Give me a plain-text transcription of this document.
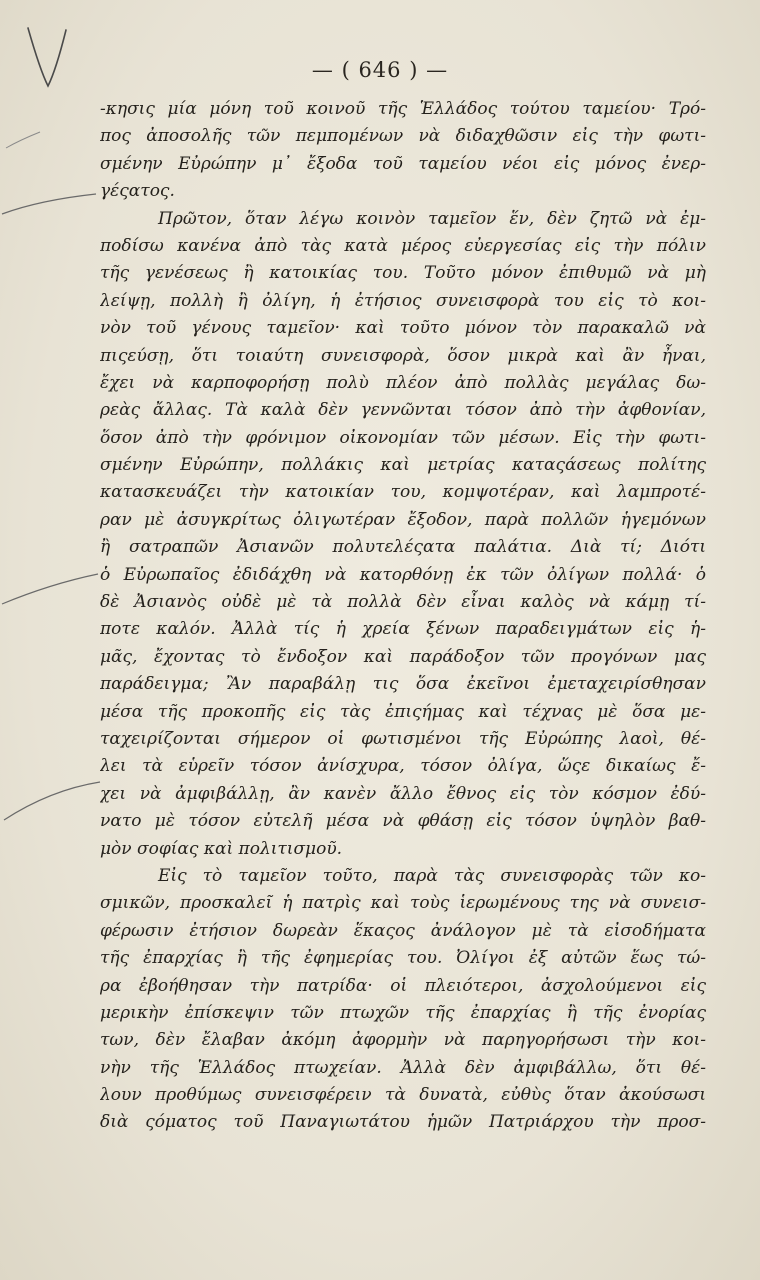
— ( 646 ) —
-κησις μία μόνη τοῦ κοινοῦ τῆς Ἑλλάδος τούτου ταμείου· Τρό-
πος ἀποσολῆς τῶν πεμπομένων νὰ διδαχθῶσιν εἰς τὴν φωτι-
σμένην Εὐρώπην μ᾽ ἔξοδα τοῦ ταμείου νέοι εἰς μόνος ἐνερ-
γέςατος.
Πρῶτον, ὅταν λέγω κοινὸν ταμεῖον ἕν, δὲν ζητῶ νὰ ἐμ-
ποδίσω κανένα ἀπὸ τὰς κατὰ μέρος εὐεργεσίας εἰς τὴν πόλιν
τῆς γενέσεως ἢ κατοικίας του. Τοῦτο μόνον ἐπιθυμῶ νὰ μὴ
λείψῃ, πολλὴ ἢ ὀλίγη, ἡ ἐτήσιος συνεισφορὰ του εἰς τὸ κοι-
νὸν τοῦ γένους ταμεῖον· καὶ τοῦτο μόνον τὸν παρακαλῶ νὰ
πιςεύσῃ, ὅτι τοιαύτη συνεισφορὰ, ὅσον μικρὰ καὶ ἂν ἦναι,
ἔχει νὰ καρποφορήσῃ πολὺ πλέον ἀπὸ πολλὰς μεγάλας δω-
ρεὰς ἄλλας. Τὰ καλὰ δὲν γεννῶνται τόσον ἀπὸ τὴν ἀφθονίαν,
ὅσον ἀπὸ τὴν φρόνιμον οἰκονομίαν τῶν μέσων. Εἰς τὴν φωτι-
σμένην Εὐρώπην, πολλάκις καὶ μετρίας καταςάσεως πολίτης
κατασκευάζει τὴν κατοικίαν του, κομψοτέραν, καὶ λαμπροτέ-
ραν μὲ ἀσυγκρίτως ὀλιγωτέραν ἔξοδον, παρὰ πολλῶν ἡγεμόνων
ἢ σατραπῶν Ἀσιανῶν πολυτελέςατα παλάτια. Διὰ τί; Διότι
ὁ Εὐρωπαῖος ἐδιδάχθη νὰ κατορθόνῃ ἐκ τῶν ὀλίγων πολλά· ὁ
δὲ Ἀσιανὸς οὐδὲ μὲ τὰ πολλὰ δὲν εἶναι καλὸς νὰ κάμῃ τί-
ποτε καλόν. Ἀλλὰ τίς ἡ χρεία ξένων παραδειγμάτων εἰς ἡ-
μᾶς, ἔχοντας τὸ ἔνδοξον καὶ παράδοξον τῶν προγόνων μας
παράδειγμα; Ἂν παραβάλῃ τις ὅσα ἐκεῖνοι ἐμεταχειρίσθησαν
μέσα τῆς προκοπῆς εἰς τὰς ἐπιςήμας καὶ τέχνας μὲ ὅσα με-
ταχειρίζονται σήμερον οἱ φωτισμένοι τῆς Εὐρώπης λαοὶ, θέ-
λει τὰ εὑρεῖν τόσον ἀνίσχυρα, τόσον ὀλίγα, ὥςε δικαίως ἔ-
χει νὰ ἀμφιβάλλῃ, ἂν κανὲν ἄλλο ἔθνος εἰς τὸν κόσμον ἐδύ-
νατο μὲ τόσον εὐτελῆ μέσα νὰ φθάσῃ εἰς τόσον ὑψηλὸν βαθ-
μὸν σοφίας καὶ πολιτισμοῦ.
Εἰς τὸ ταμεῖον τοῦτο, παρὰ τὰς συνεισφορὰς τῶν κο-
σμικῶν, προσκαλεῖ ἡ πατρὶς καὶ τοὺς ἱερωμένους της νὰ συνεισ-
φέρωσιν ἐτήσιον δωρεὰν ἕκαςος ἀνάλογον μὲ τὰ εἰσοδήματα
τῆς ἐπαρχίας ἢ τῆς ἐφημερίας του. Ὀλίγοι ἐξ αὐτῶν ἕως τώ-
ρα ἐβοήθησαν τὴν πατρίδα· οἱ πλειότεροι, ἀσχολούμενοι εἰς
μερικὴν ἐπίσκεψιν τῶν πτωχῶν τῆς ἐπαρχίας ἢ τῆς ἐνορίας
των, δὲν ἔλαβαν ἀκόμη ἀφορμὴν νὰ παρηγορήσωσι τὴν κοι-
νὴν τῆς Ἑλλάδος πτωχείαν. Ἀλλὰ δὲν ἀμφιβάλλω, ὅτι θέ-
λουν προθύμως συνεισφέρειν τὰ δυνατὰ, εὐθὺς ὅταν ἀκούσωσι
διὰ ςόματος τοῦ Παναγιωτάτου ἡμῶν Πατριάρχου τὴν προσ-
